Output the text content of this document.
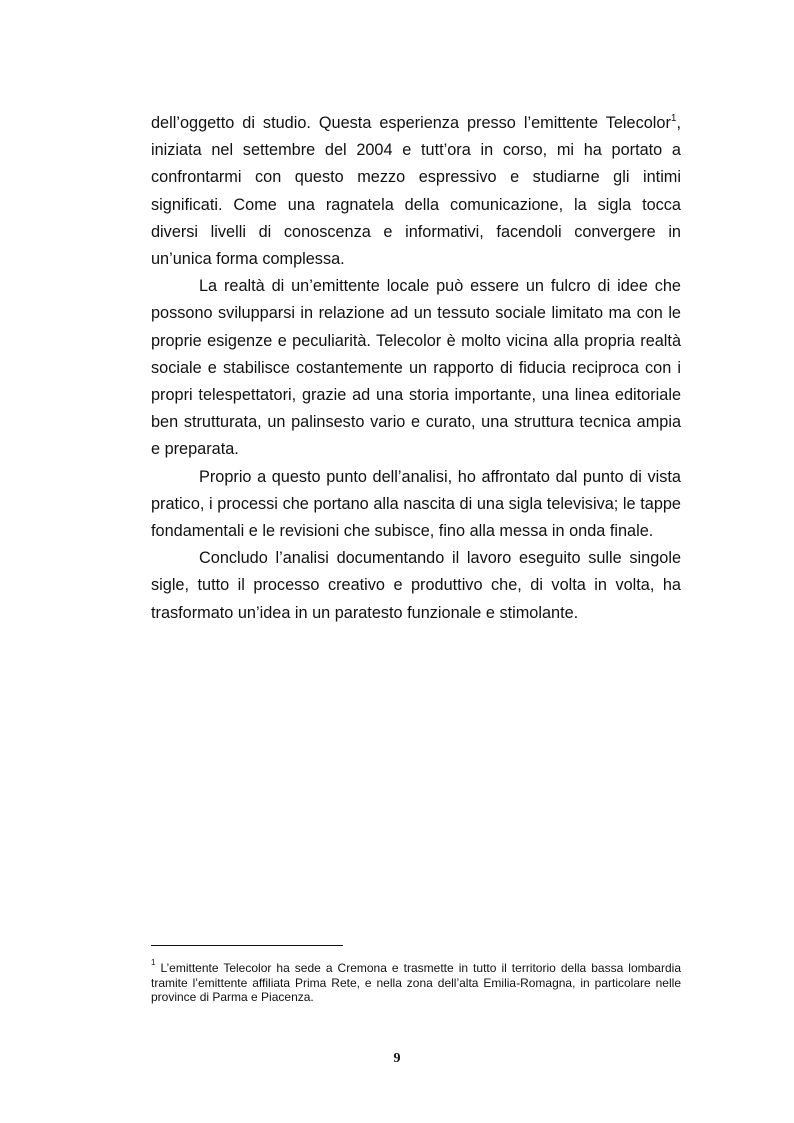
dell’oggetto di studio. Questa esperienza presso l’emittente Telecolor$^1$, iniziata nel settembre del 2004 e tutt’ora in corso, mi ha portato a confrontarmi con questo mezzo espressivo e studiarne gli intimi significati. Come una ragnatela della comunicazione, la sigla tocca diversi livelli di conoscenza e informativi, facendoli convergere in un’unica forma complessa.

La realtà di un’emittente locale può essere un fulcro di idee che possono svilupparsi in relazione ad un tessuto sociale limitato ma con le proprie esigenze e peculiarità. Telecolor è molto vicina alla propria realtà sociale e stabilisce costantemente un rapporto di fiducia reciproca con i propri telespettatori, grazie ad una storia importante, una linea editoriale ben strutturata, un palinsesto vario e curato, una struttura tecnica ampia e preparata.

Proprio a questo punto dell’analisi, ho affrontato dal punto di vista pratico, i processi che portano alla nascita di una sigla televisiva; le tappe fondamentali e le revisioni che subisce, fino alla messa in onda finale.

Concludo l’analisi documentando il lavoro eseguito sulle singole sigle, tutto il processo creativo e produttivo che, di volta in volta, ha trasformato un’idea in un paratesto funzionale e stimolante.

$^1$ L’emittente Telecolor ha sede a Cremona e trasmette in tutto il territorio della bassa lombardia tramite l’emittente affiliata Prima Rete, e nella zona dell’alta Emilia-Romagna, in particolare nelle province di Parma e Piacenza.

9
